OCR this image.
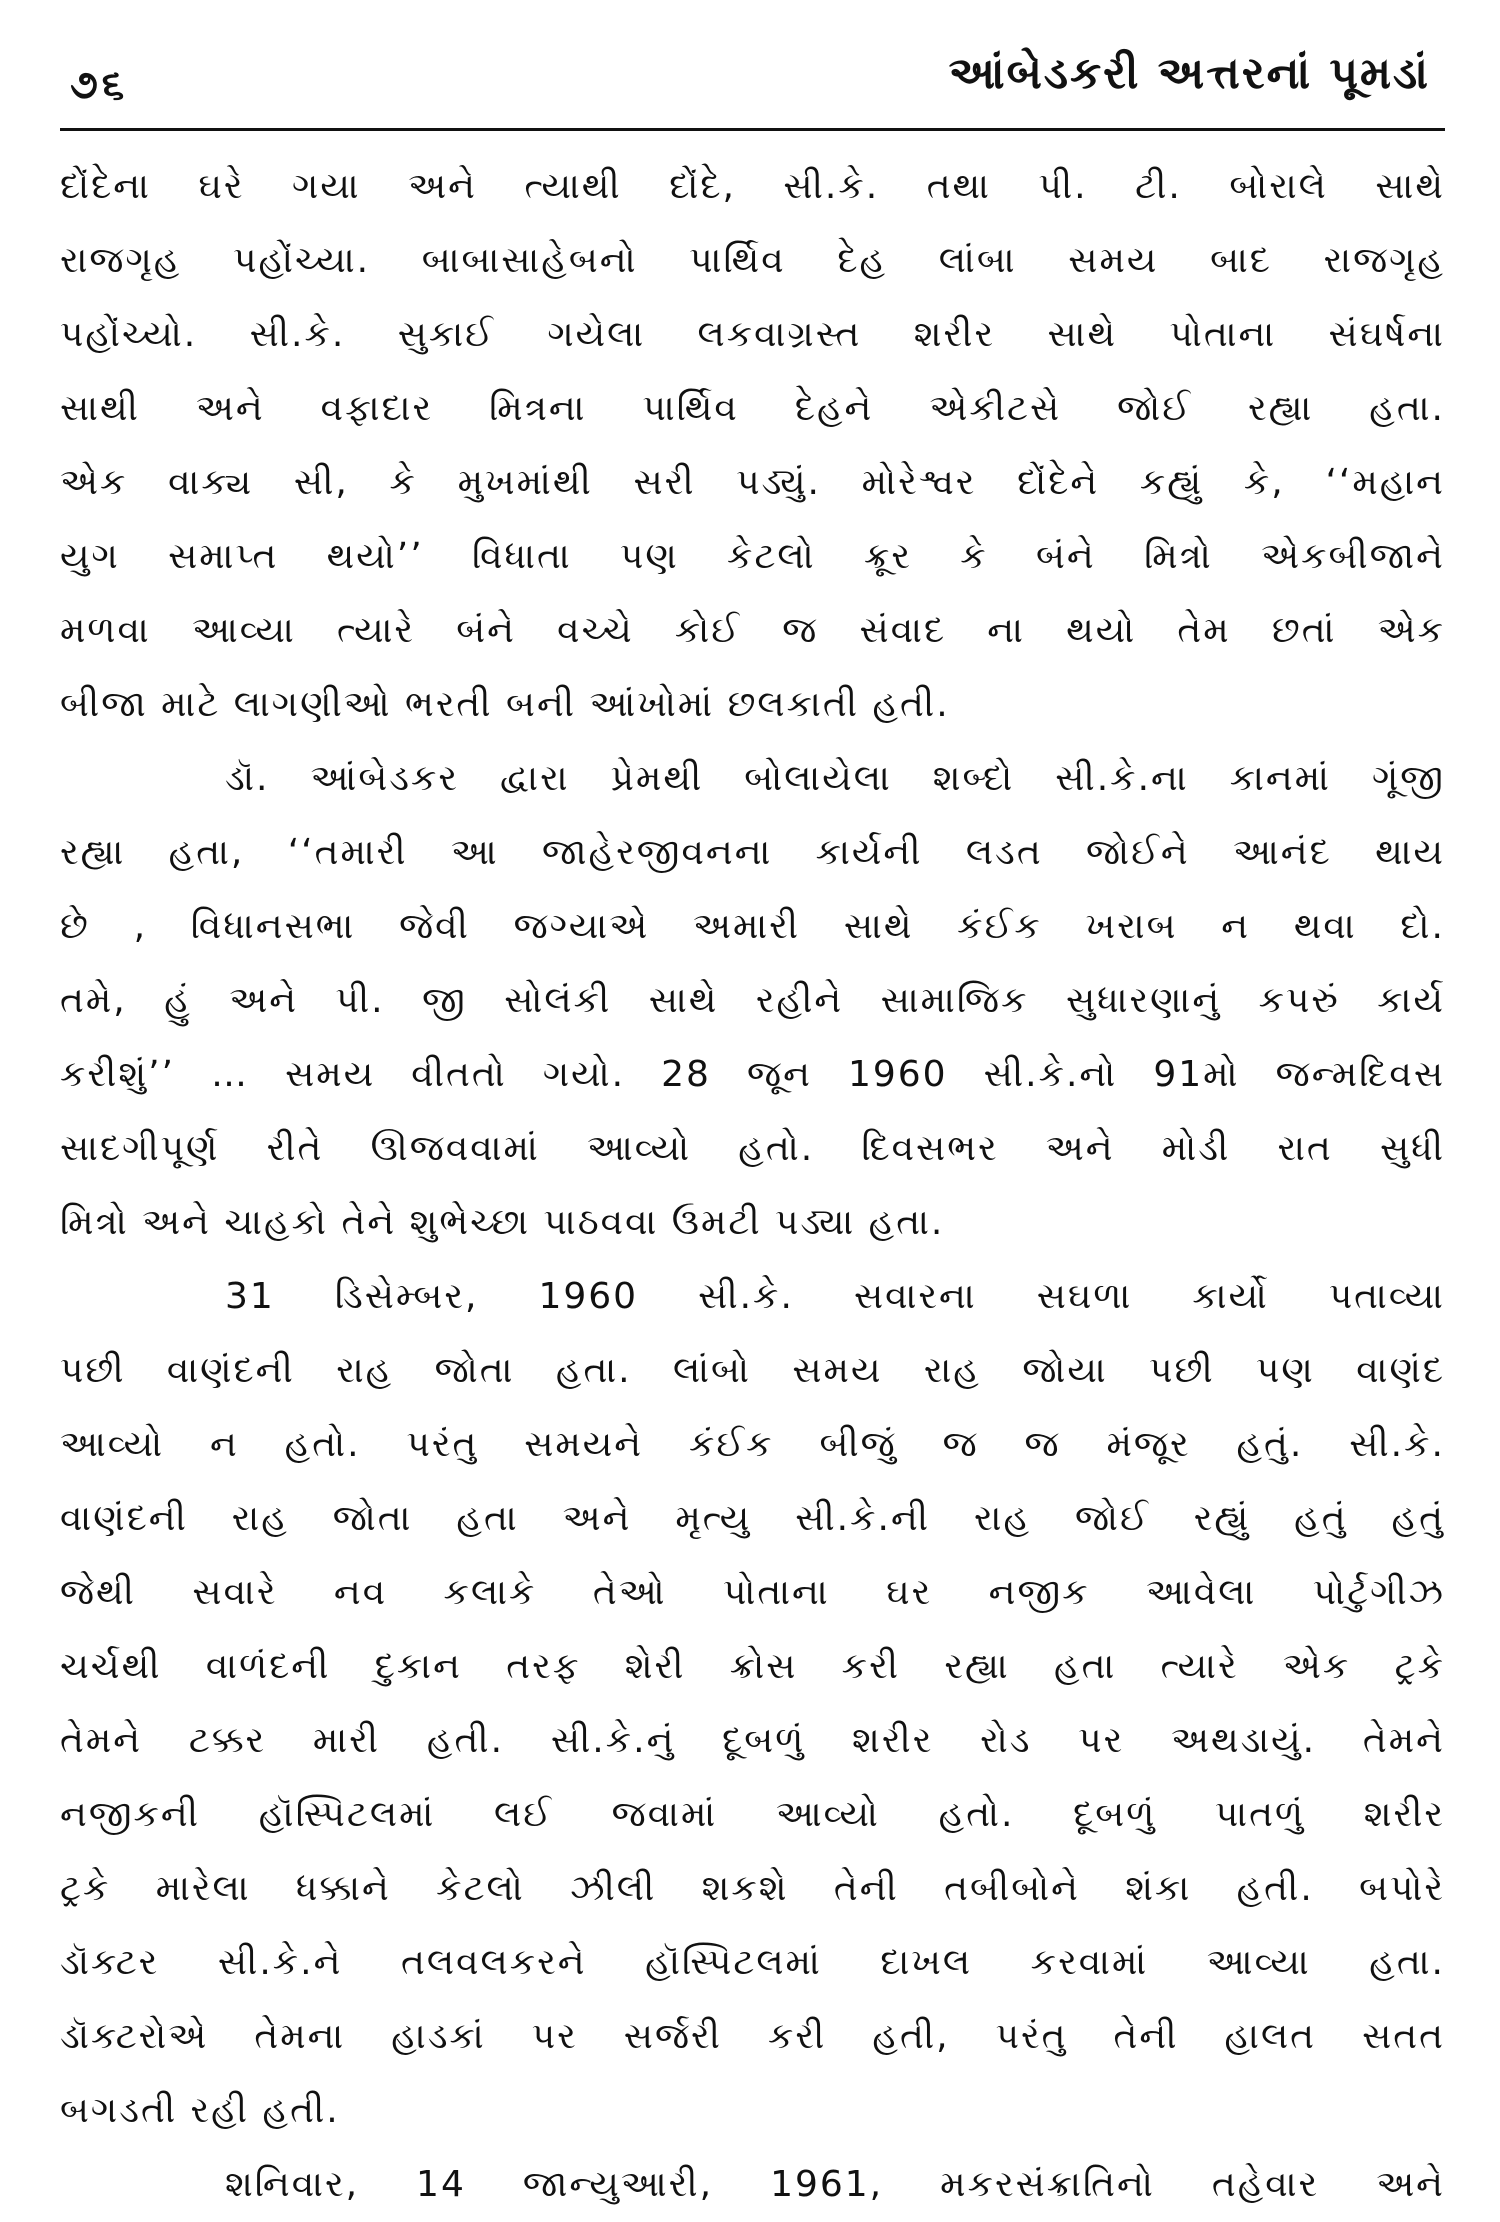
૭૬	આંબેડકરી અત્તરનાં પૂમડાં
દોંદેના ઘરે ગયા અને ત્યાથી દોંદે, સી.કે. તથા પી. ટી. બોરાલે સાથે
રાજગૃહ પહોંચ્યા. બાબાસાહેબનો પાર્થિવ દેહ લાંબા સમય બાદ રાજગૃહ
પહોંચ્યો. સી.કે. સુકાઈ ગયેલા લકવાગ્રસ્ત શરીર સાથે પોતાના સંઘર્ષના
સાથી અને વફાદાર મિત્રના પાર્થિવ દેહને એકીટસે જોઈ રહ્યા હતા.
એક વાક્ય સી, કે મુખમાંથી સરી પડ્યું. મોરેશ્વર દોંદેને કહ્યું કે, ‘‘મહાન
યુગ સમાપ્ત થયો’’ વિધાતા પણ કેટલો ક્રૂર કે બંને મિત્રો એકબીજાને
મળવા આવ્યા ત્યારે બંને વચ્ચે કોઈ જ સંવાદ ના થયો તેમ છતાં એક
બીજા માટે લાગણીઓ ભરતી બની આંખોમાં છલકાતી હતી.
ડૉ. આંબેડકર દ્વારા પ્રેમથી બોલાયેલા શબ્દો સી.કે.ના કાનમાં ગૂંજી
રહ્યા હતા, ‘‘તમારી આ જાહેરજીવનના કાર્યની લડત જોઈને આનંદ થાય
છે , વિધાનસભા જેવી જગ્યાએ અમારી સાથે કંઈક ખરાબ ન થવા દો.
તમે, હું અને પી. જી સોલંકી સાથે રહીને સામાજિક સુધારણાનું કપરું કાર્ય
કરીશું’’ … સમય વીતતો ગયો. 28 જૂન 1960 સી.કે.નો 91મો જન્મદિવસ
સાદગીપૂર્ણ રીતે ઊજવવામાં આવ્યો હતો. દિવસભર અને મોડી રાત સુધી
મિત્રો અને ચાહકો તેને શુભેચ્છા પાઠવવા ઉમટી પડ્યા હતા.
31 ડિસેમ્બર, 1960 સી.કે. સવારના સઘળા કાર્યો પતાવ્યા
પછી વાણંદની રાહ જોતા હતા. લાંબો સમય રાહ જોયા પછી પણ વાણંદ
આવ્યો ન હતો. પરંતુ સમયને કંઈક બીજું જ જ મંજૂર હતું. સી.કે.
વાણંદની રાહ જોતા હતા અને મૃત્યુ સી.કે.ની રાહ જોઈ રહ્યું હતું હતું
જેથી સવારે નવ કલાકે તેઓ પોતાના ઘર નજીક આવેલા પોર્ટુગીઝ
ચર્ચથી વાળંદની દુકાન તરફ શેરી ક્રોસ કરી રહ્યા હતા ત્યારે એક ટ્રકે
તેમને ટક્કર મારી હતી. સી.કે.નું દૂબળું શરીર રોડ પર અથડાયું. તેમને
નજીકની હૉસ્પિટલમાં લઈ જવામાં આવ્યો હતો. દૂબળું પાતળું શરીર
ટ્રકે મારેલા ધક્કાને કેટલો ઝીલી શકશે તેની તબીબોને શંકા હતી. બપોરે
ડૉક્ટર સી.કે.ને તલવલકરને હૉસ્પિટલમાં દાખલ કરવામાં આવ્યા હતા.
ડૉક્ટરોએ તેમના હાડકાં પર સર્જરી કરી હતી, પરંતુ તેની હાલત સતત
બગડતી રહી હતી.
શનિવાર, 14 જાન્યુઆરી, 1961, મકરસંક્રાતિનો તહેવાર અને
